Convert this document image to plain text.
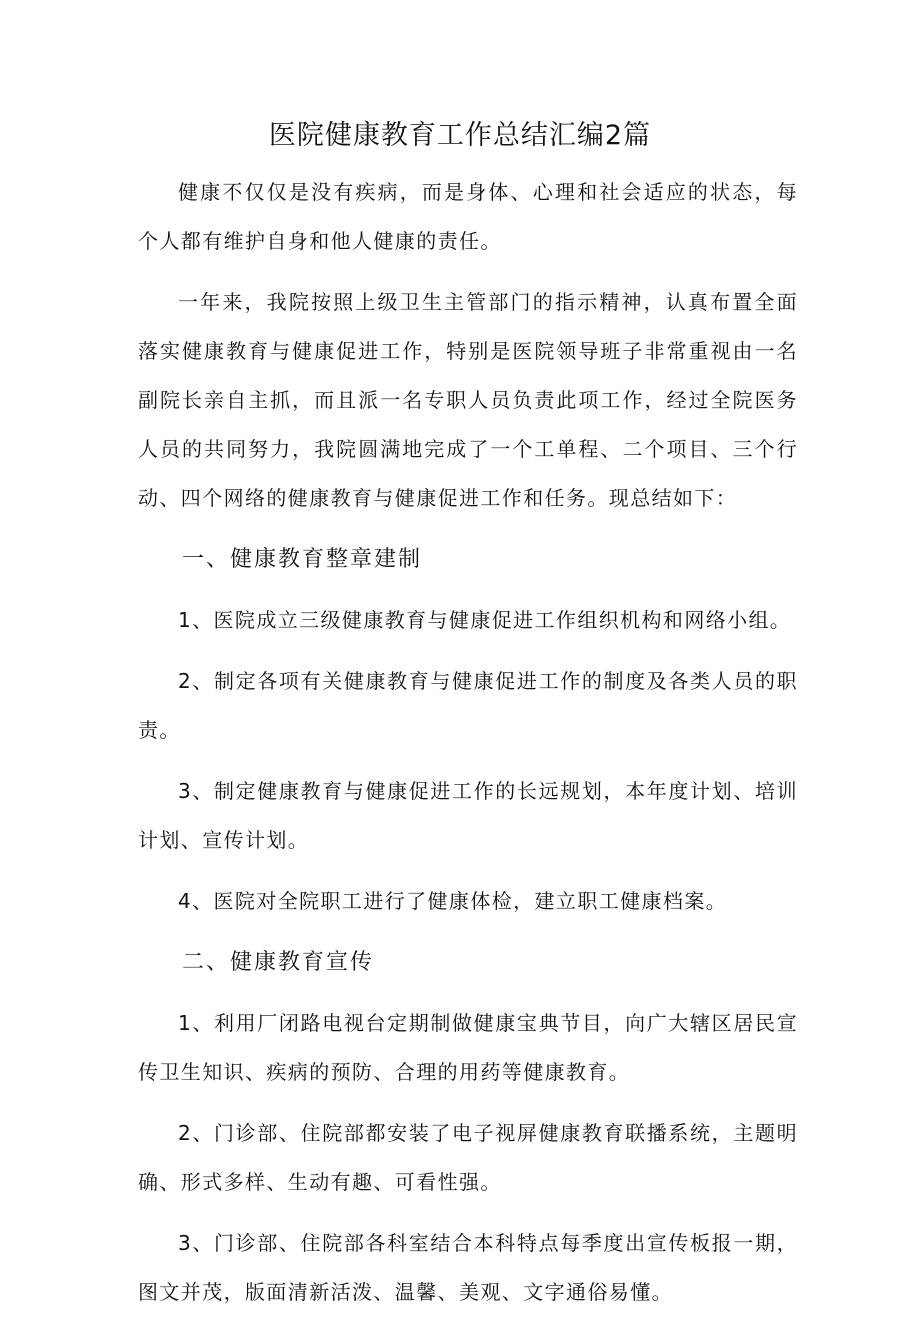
医院健康教育工作总结汇编2篇

健康不仅仅是没有疾病，而是身体、心理和社会适应的状态，每个人都有维护自身和他人健康的责任。

一年来，我院按照上级卫生主管部门的指示精神，认真布置全面落实健康教育与健康促进工作，特别是医院领导班子非常重视由一名副院长亲自主抓，而且派一名专职人员负责此项工作，经过全院医务人员的共同努力，我院圆满地完成了一个工单程、二个项目、三个行动、四个网络的健康教育与健康促进工作和任务。现总结如下：

一、健康教育整章建制

1、医院成立三级健康教育与健康促进工作组织机构和网络小组。

2、制定各项有关健康教育与健康促进工作的制度及各类人员的职责。

3、制定健康教育与健康促进工作的长远规划，本年度计划、培训计划、宣传计划。

4、医院对全院职工进行了健康体检，建立职工健康档案。

二、健康教育宣传

1、利用厂闭路电视台定期制做健康宝典节目，向广大辖区居民宣传卫生知识、疾病的预防、合理的用药等健康教育。

2、门诊部、住院部都安装了电子视屏健康教育联播系统，主题明确、形式多样、生动有趣、可看性强。

3、门诊部、住院部各科室结合本科特点每季度出宣传板报一期，图文并茂，版面清新活泼、温馨、美观、文字通俗易懂。
